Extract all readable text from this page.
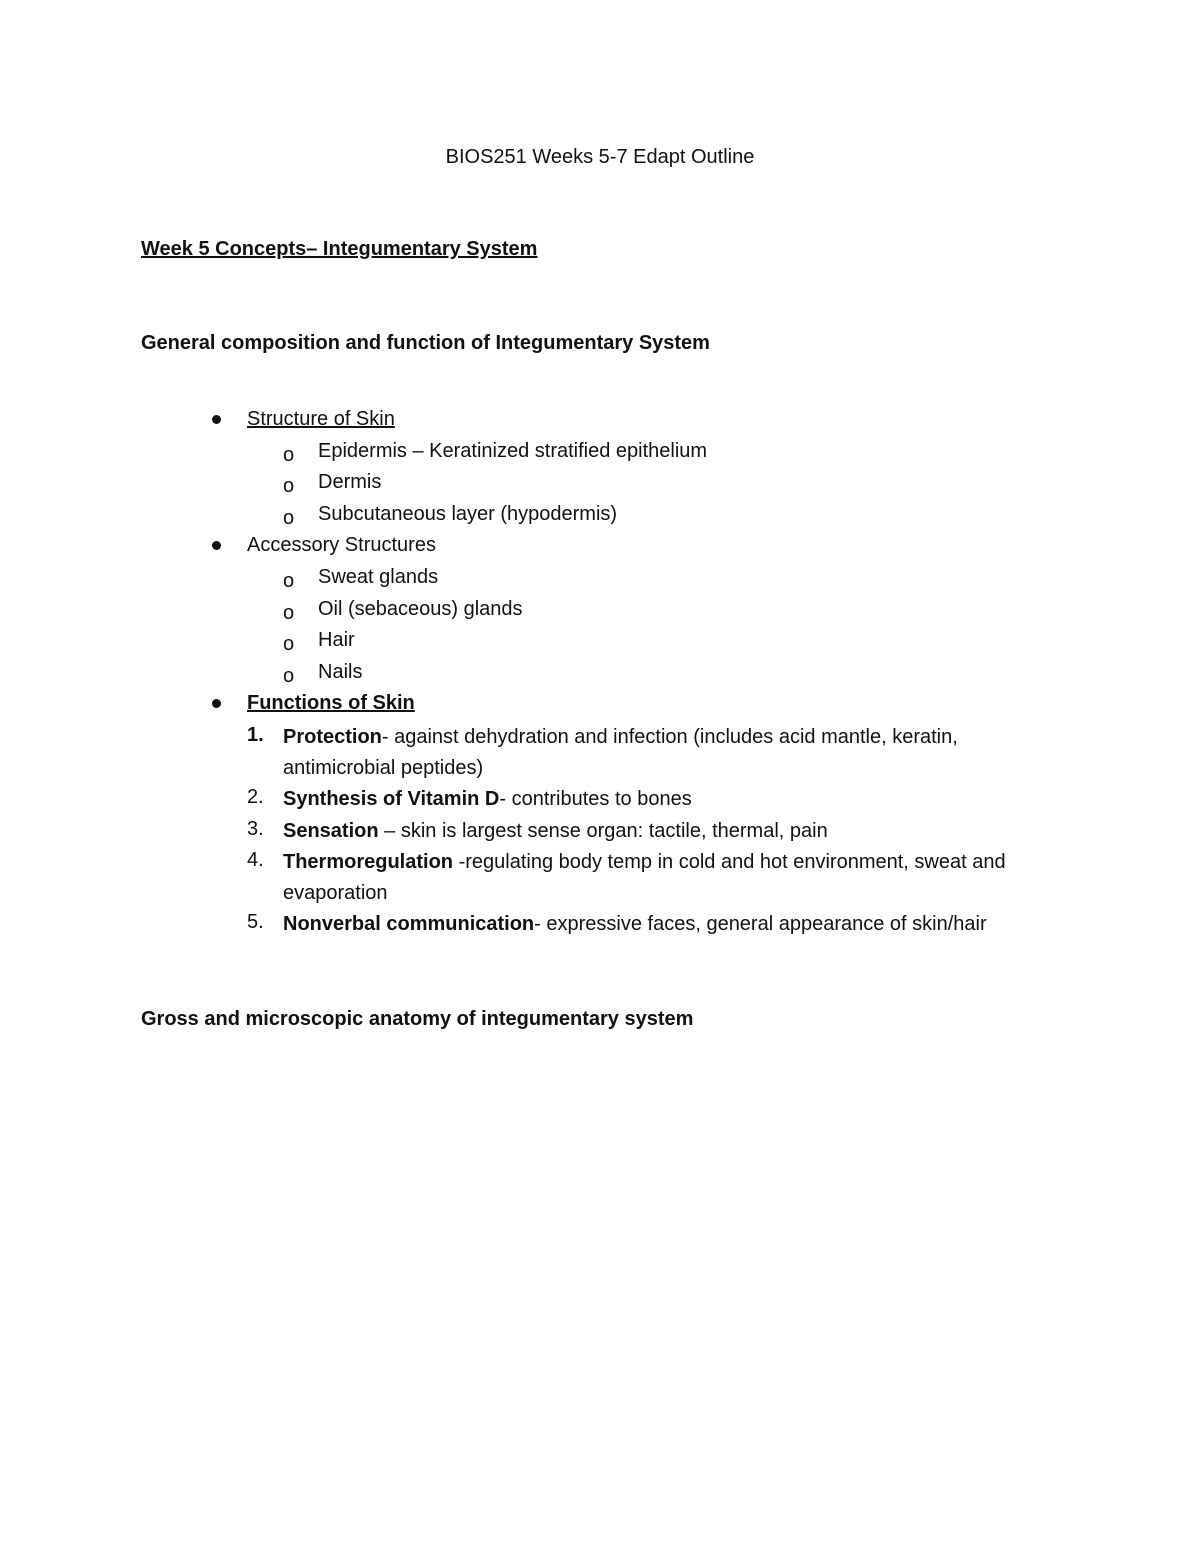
BIOS251 Weeks 5-7 Edapt Outline
Week 5 Concepts– Integumentary System
General composition and function of Integumentary System
Structure of Skin
o Epidermis – Keratinized stratified epithelium
o Dermis
o Subcutaneous layer (hypodermis)
Accessory Structures
o Sweat glands
o Oil (sebaceous) glands
o Hair
o Nails
Functions of Skin
1. Protection- against dehydration and infection (includes acid mantle, keratin, antimicrobial peptides)
2. Synthesis of Vitamin D- contributes to bones
3. Sensation – skin is largest sense organ: tactile, thermal, pain
4. Thermoregulation -regulating body temp in cold and hot environment, sweat and evaporation
5. Nonverbal communication- expressive faces, general appearance of skin/hair
Gross and microscopic anatomy of integumentary system
